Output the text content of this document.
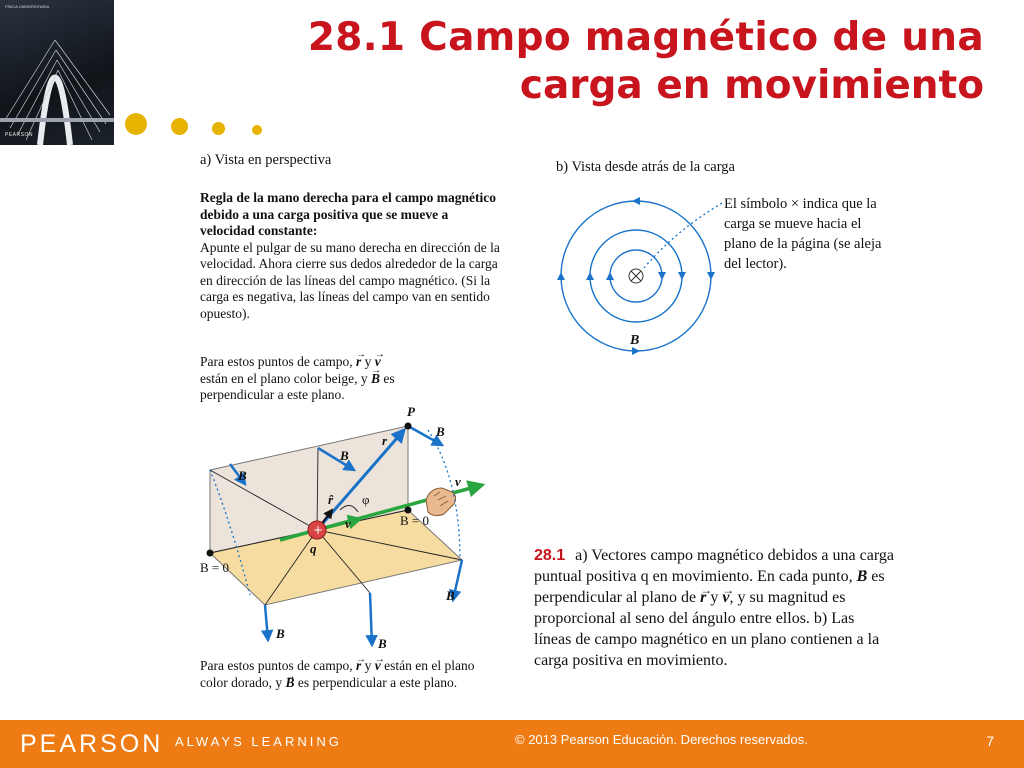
FÍSICA UNIVERSITARIA
PEARSON
28.1 Campo magnético de una
carga en movimiento
a) Vista en perspectiva
Regla de la mano derecha para el campo magnético debido a una carga positiva que se mueve a velocidad constante:
Apunte el pulgar de su mano derecha en dirección de la velocidad. Ahora cierre sus dedos alrededor de la carga en dirección de las líneas del campo magnético. (Si la carga es negativa, las líneas del campo van en sentido opuesto).
b) Vista desde atrás de la carga
El símbolo × indica que la carga se mueve hacia el plano de la página (se aleja del lector).
Para estos puntos de campo, → r y → v están en el plano color beige, y → B es perpendicular a este plano.
+
B
B
B
B
B
B
r
v
v
r̂
P
q
φ
B = 0
B = 0
B
Para estos puntos de campo, → r y → v están en el plano color dorado, y → B es perpendicular a este plano.
28.1 a) Vectores campo magnético debidos a una carga puntual positiva q en movimiento. En cada punto, → B es perpendicular al plano de → r y → v, y su magnitud es proporcional al seno del ángulo entre ellos. b) Las líneas de campo magnético en un plano contienen a la carga positiva en movimiento.
PEARSON ALWAYS LEARNING	© 2013 Pearson Educación. Derechos reservados.	7
